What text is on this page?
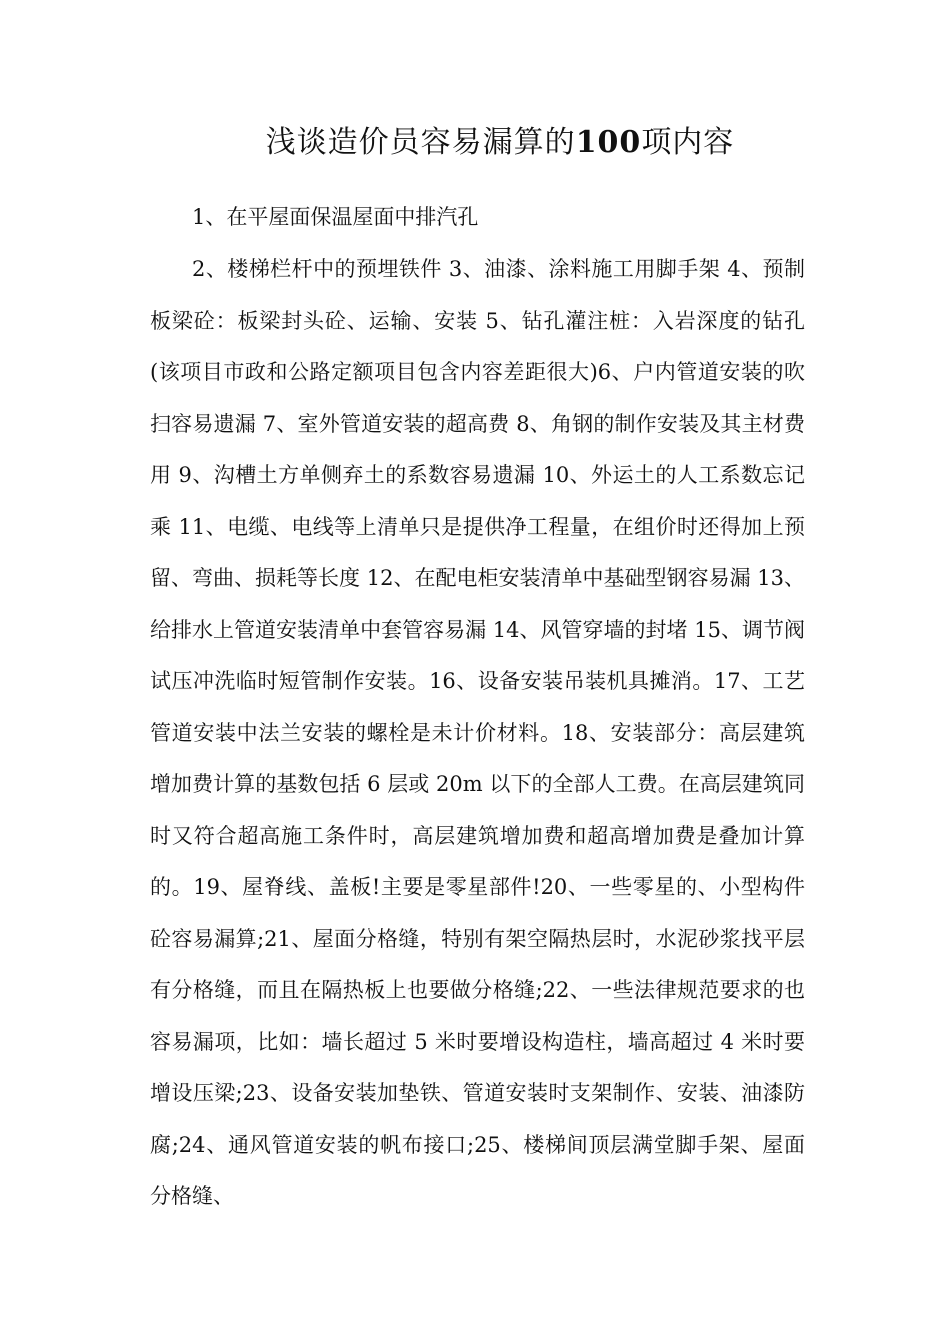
浅谈造价员容易漏算的100项内容

1、在平屋面保温屋面中排汽孔

2、楼梯栏杆中的预埋铁件 3、油漆、涂料施工用脚手架 4、预制板梁砼：板梁封头砼、运输、安装 5、钻孔灌注桩：入岩深度的钻孔(该项目市政和公路定额项目包含内容差距很大)6、户内管道安装的吹扫容易遗漏 7、室外管道安装的超高费 8、角钢的制作安装及其主材费用 9、沟槽土方单侧弃土的系数容易遗漏 10、外运土的人工系数忘记乘 11、电缆、电线等上清单只是提供净工程量，在组价时还得加上预留、弯曲、损耗等长度 12、在配电柜安装清单中基础型钢容易漏 13、给排水上管道安装清单中套管容易漏 14、风管穿墙的封堵 15、调节阀试压冲洗临时短管制作安装。16、设备安装吊装机具摊消。17、工艺管道安装中法兰安装的螺栓是未计价材料。18、安装部分：高层建筑增加费计算的基数包括 6 层或 20m 以下的全部人工费。在高层建筑同时又符合超高施工条件时，高层建筑增加费和超高增加费是叠加计算的。19、屋脊线、盖板!主要是零星部件!20、一些零星的、小型构件砼容易漏算;21、屋面分格缝，特别有架空隔热层时，水泥砂浆找平层有分格缝，而且在隔热板上也要做分格缝;22、一些法律规范要求的也容易漏项，比如：墙长超过 5 米时要增设构造柱，墙高超过 4 米时要增设压梁;23、设备安装加垫铁、管道安装时支架制作、安装、油漆防腐;24、通风管道安装的帆布接口;25、楼梯间顶层满堂脚手架、屋面分格缝、
